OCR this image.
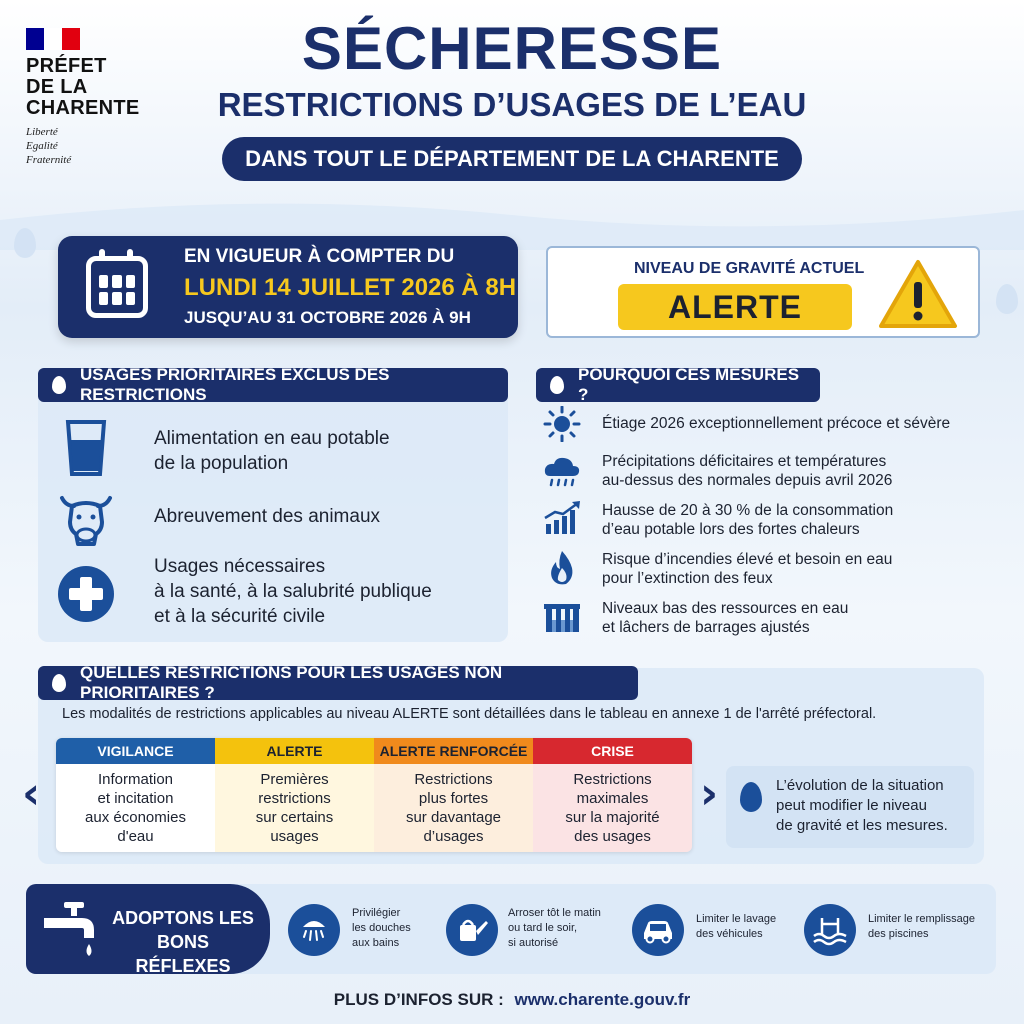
PRÉFET
DE LA
CHARENTE
Liberté
Egalité
Fraternité
SÉCHERESSE
RESTRICTIONS D’USAGES DE L’EAU
DANS TOUT LE DÉPARTEMENT DE LA CHARENTE
EN VIGUEUR À COMPTER DU
LUNDI 14 JUILLET 2026 À 8H
JUSQU’AU 31 OCTOBRE 2026 À 9H
NIVEAU DE GRAVITÉ ACTUEL
ALERTE
USAGES PRIORITAIRES EXCLUS DES RESTRICTIONS
Alimentation en eau potable
de la population
Abreuvement des animaux
Usages nécessaires
à la santé, à la salubrité publique
et à la sécurité civile
POURQUOI CES MESURES ?
Étiage 2026 exceptionnellement précoce et sévère
Précipitations déficitaires et températures
au-dessus des normales depuis avril 2026
Hausse de 20 à 30 % de la consommation
d’eau potable lors des fortes chaleurs
Risque d’incendies élevé et besoin en eau
pour l’extinction des feux
Niveaux bas des ressources en eau
et lâchers de barrages ajustés
QUELLES RESTRICTIONS POUR LES USAGES NON PRIORITAIRES ?
Les modalités de restrictions applicables au niveau ALERTE sont détaillées dans le tableau en annexe 1 de l'arrêté préfectoral.
‹
VIGILANCE
Information
et incitation
aux économies
d'eau
ALERTE
Premières
restrictions
sur certains
usages
ALERTE RENFORCÉE
Restrictions
plus fortes
sur davantage
d’usages
CRISE
Restrictions
maximales
sur la majorité
des usages
›	L’évolution de la situation
peut modifier le niveau
de gravité et les mesures.
ADOPTONS LES
BONS RÉFLEXES
Privilégier
les douches
aux bains
Arroser tôt le matin
ou tard le soir,
si autorisé
Limiter le lavage
des véhicules
Limiter le remplissage
des piscines
PLUS D’INFOS SUR : www.charente.gouv.fr
